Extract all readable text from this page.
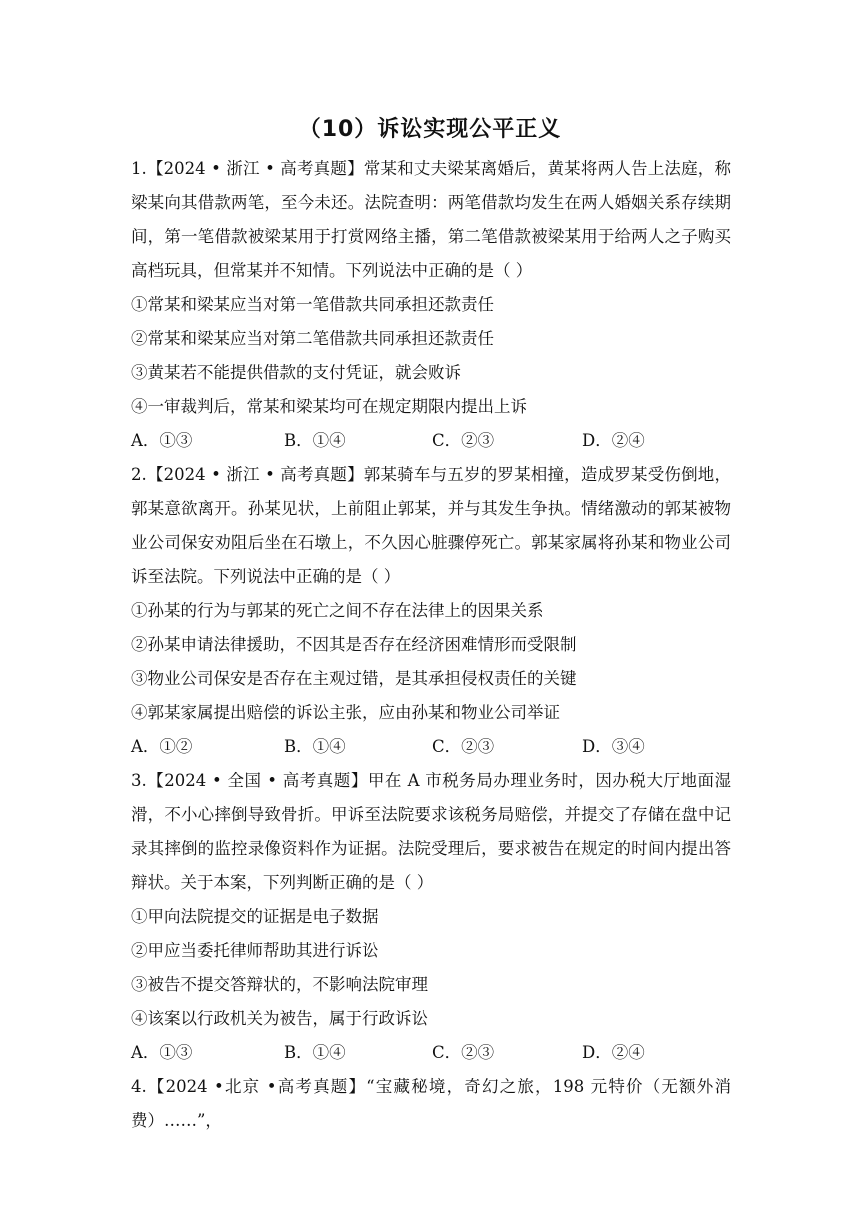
（10）诉讼实现公平正义
1.【2024 • 浙江 • 高考真题】常某和丈夫梁某离婚后，黄某将两人告上法庭，称梁某向其借款两笔，至今未还。法院查明：两笔借款均发生在两人婚姻关系存续期间，第一笔借款被梁某用于打赏网络主播，第二笔借款被梁某用于给两人之子购买高档玩具，但常某并不知情。下列说法中正确的是（ ）
①常某和梁某应当对第一笔借款共同承担还款责任
②常某和梁某应当对第二笔借款共同承担还款责任
③黄某若不能提供借款的支付凭证，就会败诉
④一审裁判后，常某和梁某均可在规定期限内提出上诉
A．①③	B．①④	C．②③	D．②④
2.【2024 • 浙江 • 高考真题】郭某骑车与五岁的罗某相撞，造成罗某受伤倒地，郭某意欲离开。孙某见状，上前阻止郭某，并与其发生争执。情绪激动的郭某被物业公司保安劝阻后坐在石墩上，不久因心脏骤停死亡。郭某家属将孙某和物业公司诉至法院。下列说法中正确的是（ ）
①孙某的行为与郭某的死亡之间不存在法律上的因果关系
②孙某申请法律援助，不因其是否存在经济困难情形而受限制
③物业公司保安是否存在主观过错，是其承担侵权责任的关键
④郭某家属提出赔偿的诉讼主张，应由孙某和物业公司举证
A．①②	B．①④	C．②③	D．③④
3.【2024 • 全国 • 高考真题】甲在 A 市税务局办理业务时，因办税大厅地面湿滑，不小心摔倒导致骨折。甲诉至法院要求该税务局赔偿，并提交了存储在盘中记录其摔倒的监控录像资料作为证据。法院受理后，要求被告在规定的时间内提出答辩状。关于本案，下列判断正确的是（ ）
①甲向法院提交的证据是电子数据
②甲应当委托律师帮助其进行诉讼
③被告不提交答辩状的，不影响法院审理
④该案以行政机关为被告，属于行政诉讼
A．①③	B．①④	C．②③	D．②④
4.【2024 •北京 •高考真题】“宝藏秘境，奇幻之旅，198 元特价（无额外消费）……”，
